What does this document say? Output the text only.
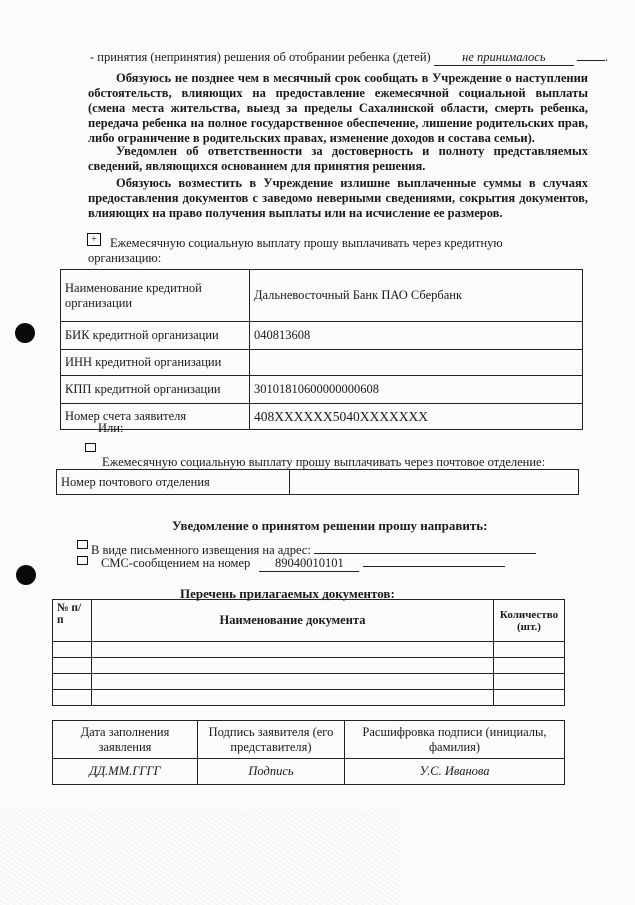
- принятия (непринятия) решения об отобрании ребенка (детей)	не принималось	.
Обязуюсь не позднее чем в месячный срок сообщать в Учреждение о наступлении обстоятельств, влияющих на предоставление ежемесячной социальной выплаты (смена места жительства, выезд за пределы Сахалинской области, смерть ребенка, передача ребенка на полное государственное обеспечение, лишение родительских прав, либо ограничение в родительских правах, изменение доходов и состава семьи).
Уведомлен об ответственности за достоверность и полноту представляемых сведений, являющихся основанием для принятия решения.
Обязуюсь возместить в Учреждение излишне выплаченные суммы в случаях предоставления документов с заведомо неверными сведениями, сокрытия документов, влияющих на право получения выплаты или на исчисление ее размеров.
+	Ежемесячную социальную выплату прошу выплачивать через кредитную организацию:
Наименование кредитной организации	Дальневосточный Банк ПАО Сбербанк
БИК кредитной организации	040813608
ИНН кредитной организации	
КПП кредитной организации	30101810600000000608
Номер счета заявителя	408XXXXXX5040XXXXXXX
Или:
Ежемесячную социальную выплату прошу выплачивать через почтовое отделение:
Номер почтового отделения	
Уведомление о принятом решении прошу направить:
В виде письменного извещения на адрес:
СМС-сообщением на номер 89040010101
Перечень прилагаемых документов:
№ п/п	Наименование документа	Количество (шт.)

Дата заполнения заявления	Подпись заявителя (его представителя)	Расшифровка подписи (инициалы, фамилия)
ДД.ММ.ГГГГ	Подпись	У.С. Иванова
